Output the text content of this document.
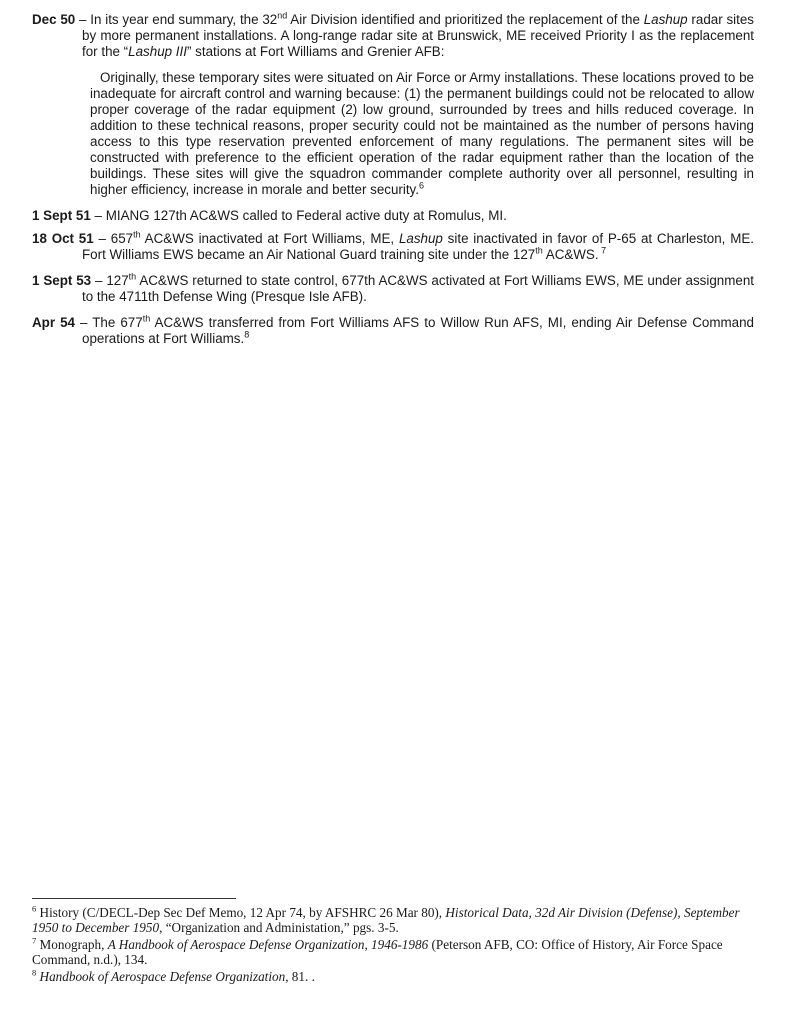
Dec 50 – In its year end summary, the 32nd Air Division identified and prioritized the replacement of the Lashup radar sites by more permanent installations. A long-range radar site at Brunswick, ME received Priority I as the replacement for the “Lashup III” stations at Fort Williams and Grenier AFB:

Originally, these temporary sites were situated on Air Force or Army installations. These locations proved to be inadequate for aircraft control and warning because: (1) the permanent buildings could not be relocated to allow proper coverage of the radar equipment (2) low ground, surrounded by trees and hills reduced coverage. In addition to these technical reasons, proper security could not be maintained as the number of persons having access to this type reservation prevented enforcement of many regulations. The permanent sites will be constructed with preference to the efficient operation of the radar equipment rather than the location of the buildings. These sites will give the squadron commander complete authority over all personnel, resulting in higher efficiency, increase in morale and better security.$^6$

1 Sept 51 – MIANG 127th AC&WS called to Federal active duty at Romulus, MI.

18 Oct 51 – 657th AC&WS inactivated at Fort Williams, ME, Lashup site inactivated in favor of P-65 at Charleston, ME. Fort Williams EWS became an Air National Guard training site under the 127th AC&WS. $^7$

1 Sept 53 – 127th AC&WS returned to state control, 677th AC&WS activated at Fort Williams EWS, ME under assignment to the 4711th Defense Wing (Presque Isle AFB).

Apr 54 – The 677th AC&WS transferred from Fort Williams AFS to Willow Run AFS, MI, ending Air Defense Command operations at Fort Williams.$^8$

$^6$ History (C/DECL-Dep Sec Def Memo, 12 Apr 74, by AFSHRC 26 Mar 80), Historical Data, 32d Air Division (Defense), September 1950 to December 1950, “Organization and Administation,” pgs. 3-5.

$^7$ Monograph, A Handbook of Aerospace Defense Organization, 1946-1986 (Peterson AFB, CO: Office of History, Air Force Space Command, n.d.), 134.

$^8$ Handbook of Aerospace Defense Organization, 81. .
